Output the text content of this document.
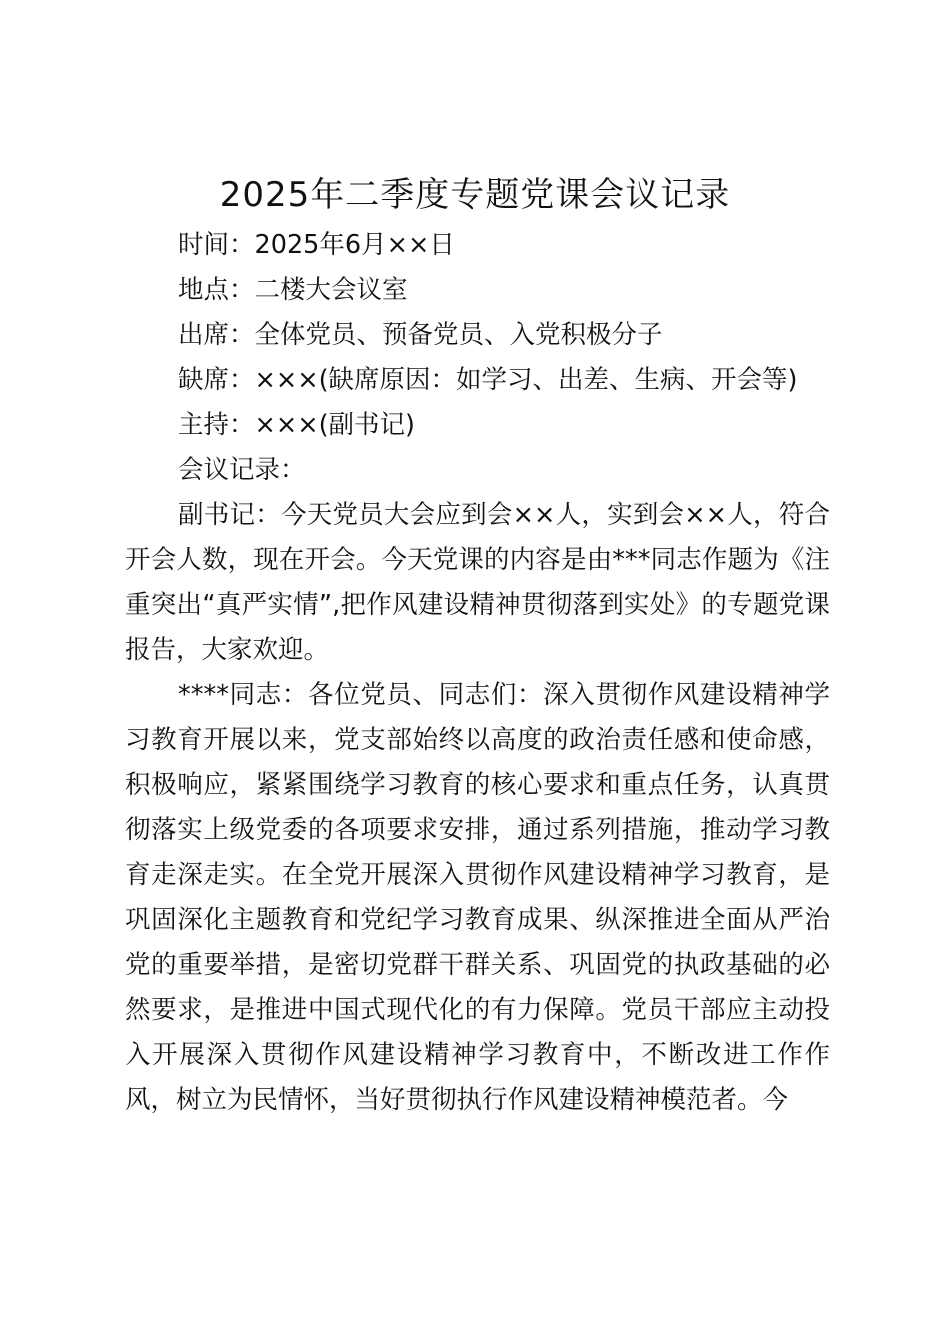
2025年二季度专题党课会议记录
时间：2025年6月××日
地点：二楼大会议室
出席：全体党员、预备党员、入党积极分子
缺席：×××(缺席原因：如学习、出差、生病、开会等)
主持：×××(副书记)
会议记录：

副书记：今天党员大会应到会××人，实到会××人，符合开会人数，现在开会。今天党课的内容是由***同志作题为《注重突出“真严实情”,把作风建设精神贯彻落到实处》的专题党课报告，大家欢迎。

****同志：各位党员、同志们：深入贯彻作风建设精神学习教育开展以来，党支部始终以高度的政治责任感和使命感，积极响应，紧紧围绕学习教育的核心要求和重点任务，认真贯彻落实上级党委的各项要求安排，通过系列措施，推动学习教育走深走实。在全党开展深入贯彻作风建设精神学习教育，是巩固深化主题教育和党纪学习教育成果、纵深推进全面从严治党的重要举措，是密切党群干群关系、巩固党的执政基础的必然要求，是推进中国式现代化的有力保障。党员干部应主动投入开展深入贯彻作风建设精神学习教育中，不断改进工作作风，树立为民情怀，当好贯彻执行作风建设精神模范者。今
